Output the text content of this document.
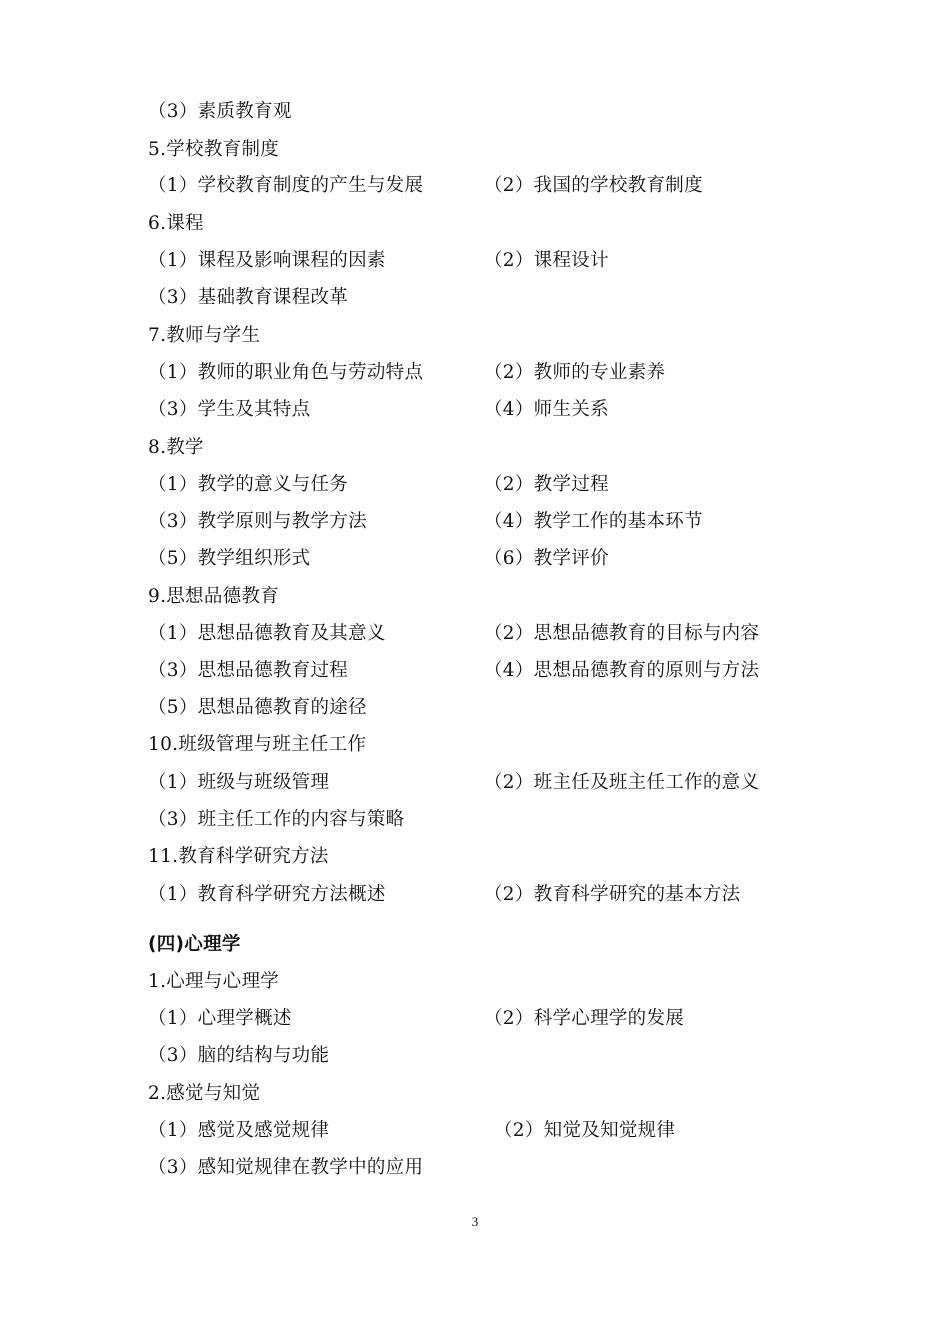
（3）素质教育观
5.学校教育制度
（1）学校教育制度的产生与发展	（2）我国的学校教育制度
6.课程
（1）课程及影响课程的因素	（2）课程设计
（3）基础教育课程改革
7.教师与学生
（1）教师的职业角色与劳动特点	（2）教师的专业素养
（3）学生及其特点	（4）师生关系
8.教学
（1）教学的意义与任务	（2）教学过程
（3）教学原则与教学方法	（4）教学工作的基本环节
（5）教学组织形式	（6）教学评价
9.思想品德教育
（1）思想品德教育及其意义	（2）思想品德教育的目标与内容
（3）思想品德教育过程	（4）思想品德教育的原则与方法
（5）思想品德教育的途径
10.班级管理与班主任工作
（1）班级与班级管理	（2）班主任及班主任工作的意义
（3）班主任工作的内容与策略
11.教育科学研究方法
（1）教育科学研究方法概述	（2）教育科学研究的基本方法
(四)心理学
1.心理与心理学
（1）心理学概述	（2）科学心理学的发展
（3）脑的结构与功能
2.感觉与知觉
（1）感觉及感觉规律	（2）知觉及知觉规律
（3）感知觉规律在教学中的应用
3
